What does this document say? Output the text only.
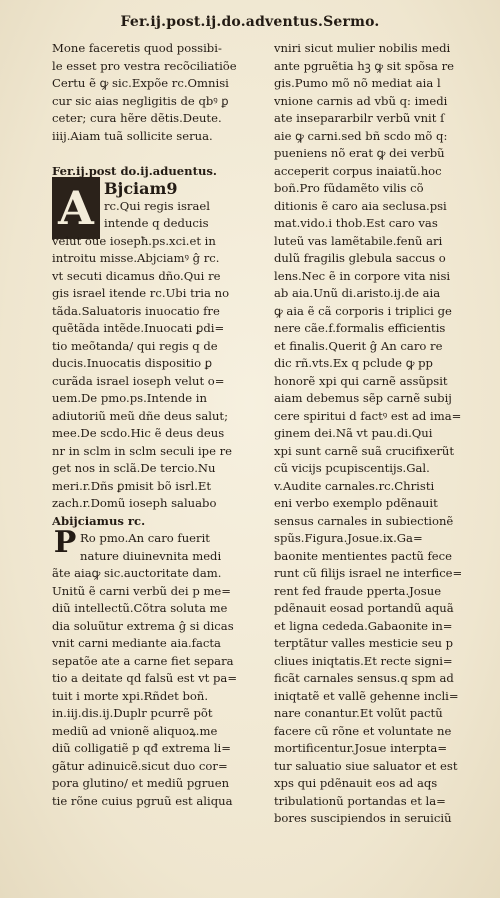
Fer.ij.post.ij.do.adventus.Sermo.
A
P
Mone faceretis quod possibi-
le esset pro vestra recõciliatiõe
Certu ẽ ꝙ sic.Expõe rc.Omnisi
cur sic aias negligitis de qbꝰ ꝑ
ceter; cura hẽre dẽtis.Deute.
iiij.Aiam tuã sollicite serua.
Fer.ij.post do.ij.aduentus.
Bjciam9
rc.Qui regis israel
intende q deducis
velut oue iosepħ.ps.xci.et in
introitu misse.Abjciamꝰ ĝ rc.
vt secuti dicamus dño.Qui re
gis israel itende rc.Ubi tria no
tãda.Saluatoris inuocatio fre
quẽtãda intẽde.Inuocati ꝑdi=
tio meõtanda/ qui regis q de
ducis.Inuocatis dispositio ꝑ
curãda israel ioseph velut o=
uem.De pmo.ps.Intende in
adiutoriũ meũ dñe deus salut;
mee.De scdo.Hic ẽ deus deus
nr in sclm in sclm seculi ipe re
get nos in sclã.De tercio.Nu
meri.r.Dñs ꝑmisit bõ isrl.Et
zach.r.Domũ ioseph saluabo
Abijciamus rc.
Ro pmo.An caro fuerit
nature diuinevnita medi
ãte aiaꝙ sic.auctoritate dam.
Unitũ ẽ carni verbũ dei p me=
diũ intellectũ.Cõtra soluta me
dia soluũtur extrema ĝ si dicas
vnit carni mediante aia.facta
sepatõe ate a carne fiet separa
tio a deitate qd falsũ est vt pa=
tuit i morte xpi.Rñdet boñ.
in.iij.dis.ij.Duplr pcurrẽ põt
mediũ ad vnionẽ aliquoꝝ.me
diũ colligatiẽ p qđ extrema li=
gãtur adinuicẽ.sicut duo cor=
pora glutino/ et mediũ pgruen
tie rõne cuius pgruũ est aliqua
vniri sicut mulier nobilis medi
ante pgruẽtia hꝫ ꝙ sit spõsa re
gis.Pumo mõ nõ mediat aia l
vnione carnis ad vbũ q: imedi
ate insepararbilr verbũ vnit ſ
aie ꝙ carni.sed bñ scdo mõ q:
pueniens nõ erat ꝙ dei verbũ
acceperit corpus inaiatũ.hoc
boñ.Pro fũdamẽto vilis cõ
ditionis ẽ caro aia seclusa.psi
mat.vido.i thob.Est caro vas
luteũ vas lamẽtabile.fenũ ari
dulũ fragilis glebula saccus o
lens.Nec ẽ in corpore vita nisi
ab aia.Unũ di.aristo.ij.de aia
ꝙ aia ẽ cã corporis i triplici ge
nere cãe.f.formalis efficientis
et finalis.Querit ĝ An caro re
dic rñ.vts.Ex q pclude ꝙ pp
honorẽ xpi qui carnẽ assũpsit
aiam debemus sẽp carnẽ subij
cere spiritui d factꝰ est ad ima=
ginem dei.Nã vt pau.di.Qui
xpi sunt carnẽ suã crucifixerũt
cũ vicijs pcupiscentijs.Gal.
v.Audite carnales.rc.Christi
eni verbo exemplo pdẽnauit
sensus carnales in subiectionẽ
spũs.Figura.Josue.ix.Ga=
baonite mentientes pactũ fece
runt cũ filijs israel ne interfice=
rent fed fraude pperta.Josue
pdẽnauit eosad portandũ aquã
et ligna cededa.Gabaonite in=
terptãtur valles mesticie seu p
cliues iniqtatis.Et recte signi=
ficãt carnales sensus.q spm ad
iniqtatẽ et vallẽ gehenne incli=
nare conantur.Et volũt pactũ
facere cũ rõne et voluntate ne
mortificentur.Josue interpta=
tur saluatio siue saluator et est
xps qui pdẽnauit eos ad aqs
tribulationũ portandas et la=
bores suscipiendos in seruiciũ
